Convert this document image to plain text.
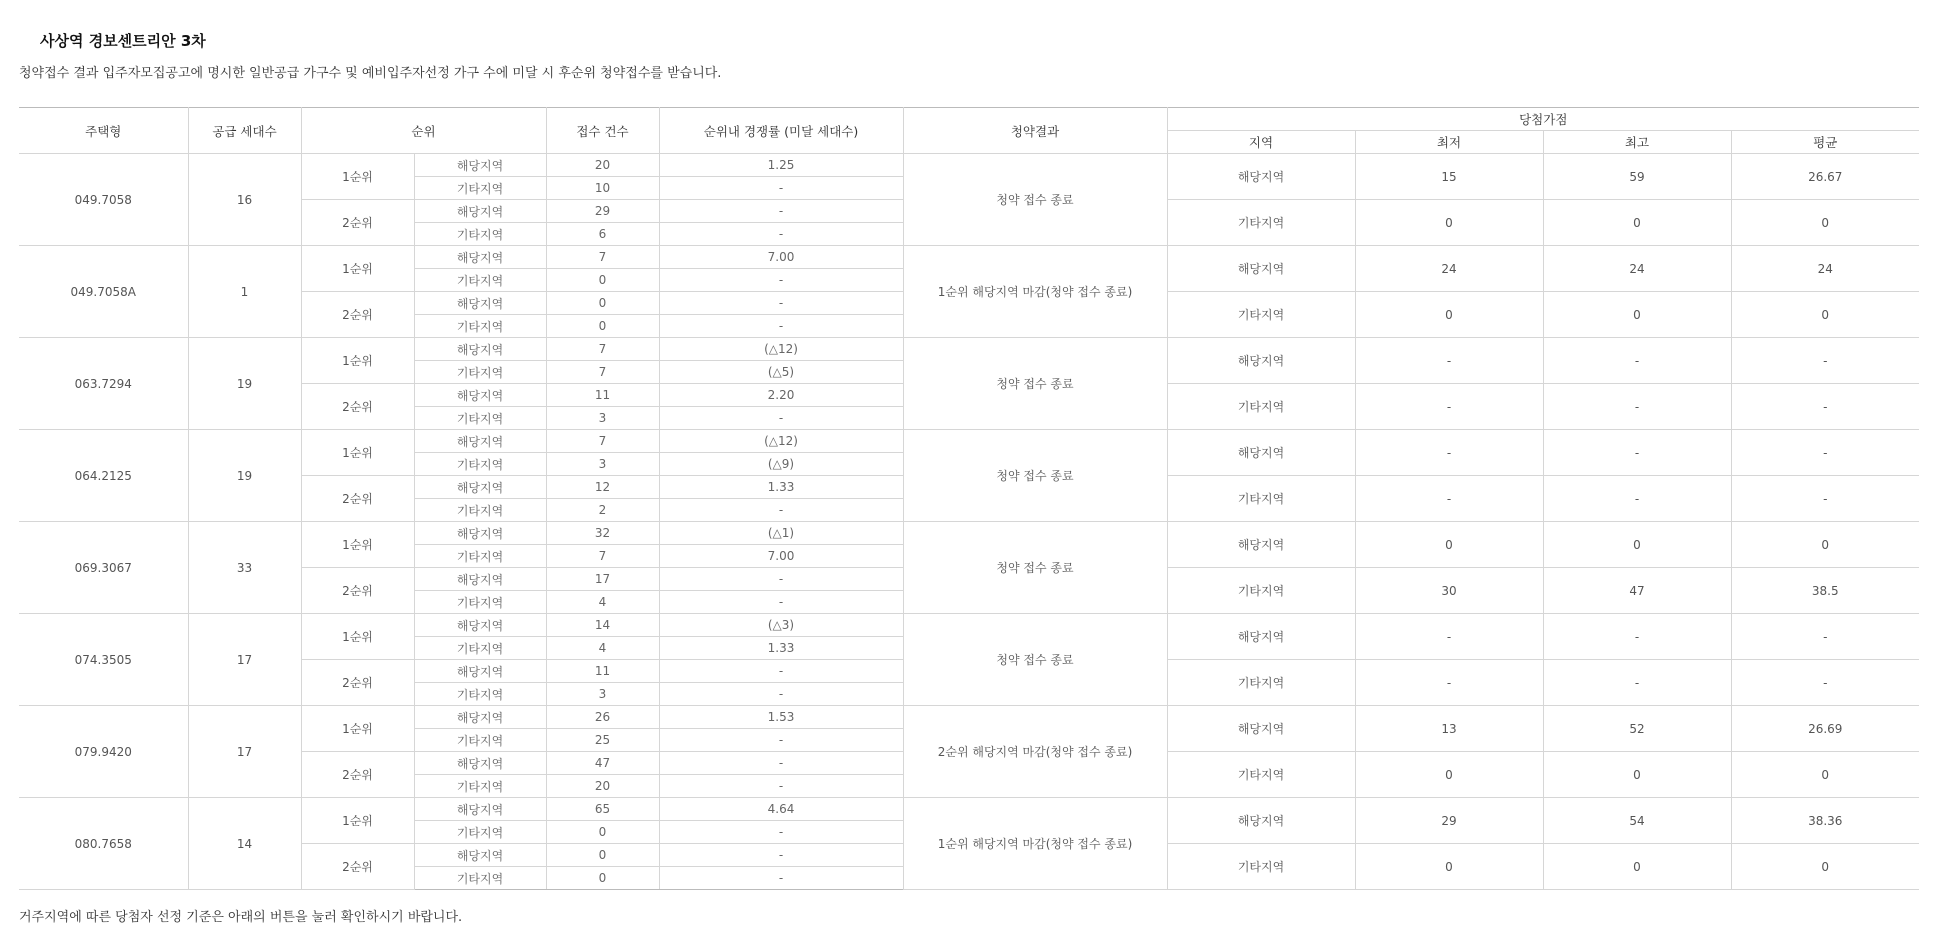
사상역 경보센트리안 3차

청약접수 결과 입주자모집공고에 명시한 일반공급 가구수 및 예비입주자선정 가구 수에 미달 시 후순위 청약접수를 받습니다.

주택형	공급 세대수	순위		접수 건수	순위내 경쟁률 (미달 세대수)	청약결과	당첨가점			
							지역	최저	최고	평균
049.7058	16	1순위	해당지역	20	1.25	청약 접수 종료	해당지역	15	59	26.67
			기타지역	10	-					
		2순위	해당지역	29	-		기타지역	0	0	0
			기타지역	6	-					
049.7058A	1	1순위	해당지역	7	7.00	1순위 해당지역 마감(청약 접수 종료)	해당지역	24	24	24
			기타지역	0	-					
		2순위	해당지역	0	-		기타지역	0	0	0
			기타지역	0	-					
063.7294	19	1순위	해당지역	7	(△12)	청약 접수 종료	해당지역	-	-	-
			기타지역	7	(△5)					
		2순위	해당지역	11	2.20		기타지역	-	-	-
			기타지역	3	-					
064.2125	19	1순위	해당지역	7	(△12)	청약 접수 종료	해당지역	-	-	-
			기타지역	3	(△9)					
		2순위	해당지역	12	1.33		기타지역	-	-	-
			기타지역	2	-					
069.3067	33	1순위	해당지역	32	(△1)	청약 접수 종료	해당지역	0	0	0
			기타지역	7	7.00					
		2순위	해당지역	17	-		기타지역	30	47	38.5
			기타지역	4	-					
074.3505	17	1순위	해당지역	14	(△3)	청약 접수 종료	해당지역	-	-	-
			기타지역	4	1.33					
		2순위	해당지역	11	-		기타지역	-	-	-
			기타지역	3	-					
079.9420	17	1순위	해당지역	26	1.53	2순위 해당지역 마감(청약 접수 종료)	해당지역	13	52	26.69
			기타지역	25	-					
		2순위	해당지역	47	-		기타지역	0	0	0
			기타지역	20	-					
080.7658	14	1순위	해당지역	65	4.64	1순위 해당지역 마감(청약 접수 종료)	해당지역	29	54	38.36
			기타지역	0	-					
		2순위	해당지역	0	-		기타지역	0	0	0
			기타지역	0	-					

거주지역에 따른 당첨자 선정 기준은 아래의 버튼을 눌러 확인하시기 바랍니다.
